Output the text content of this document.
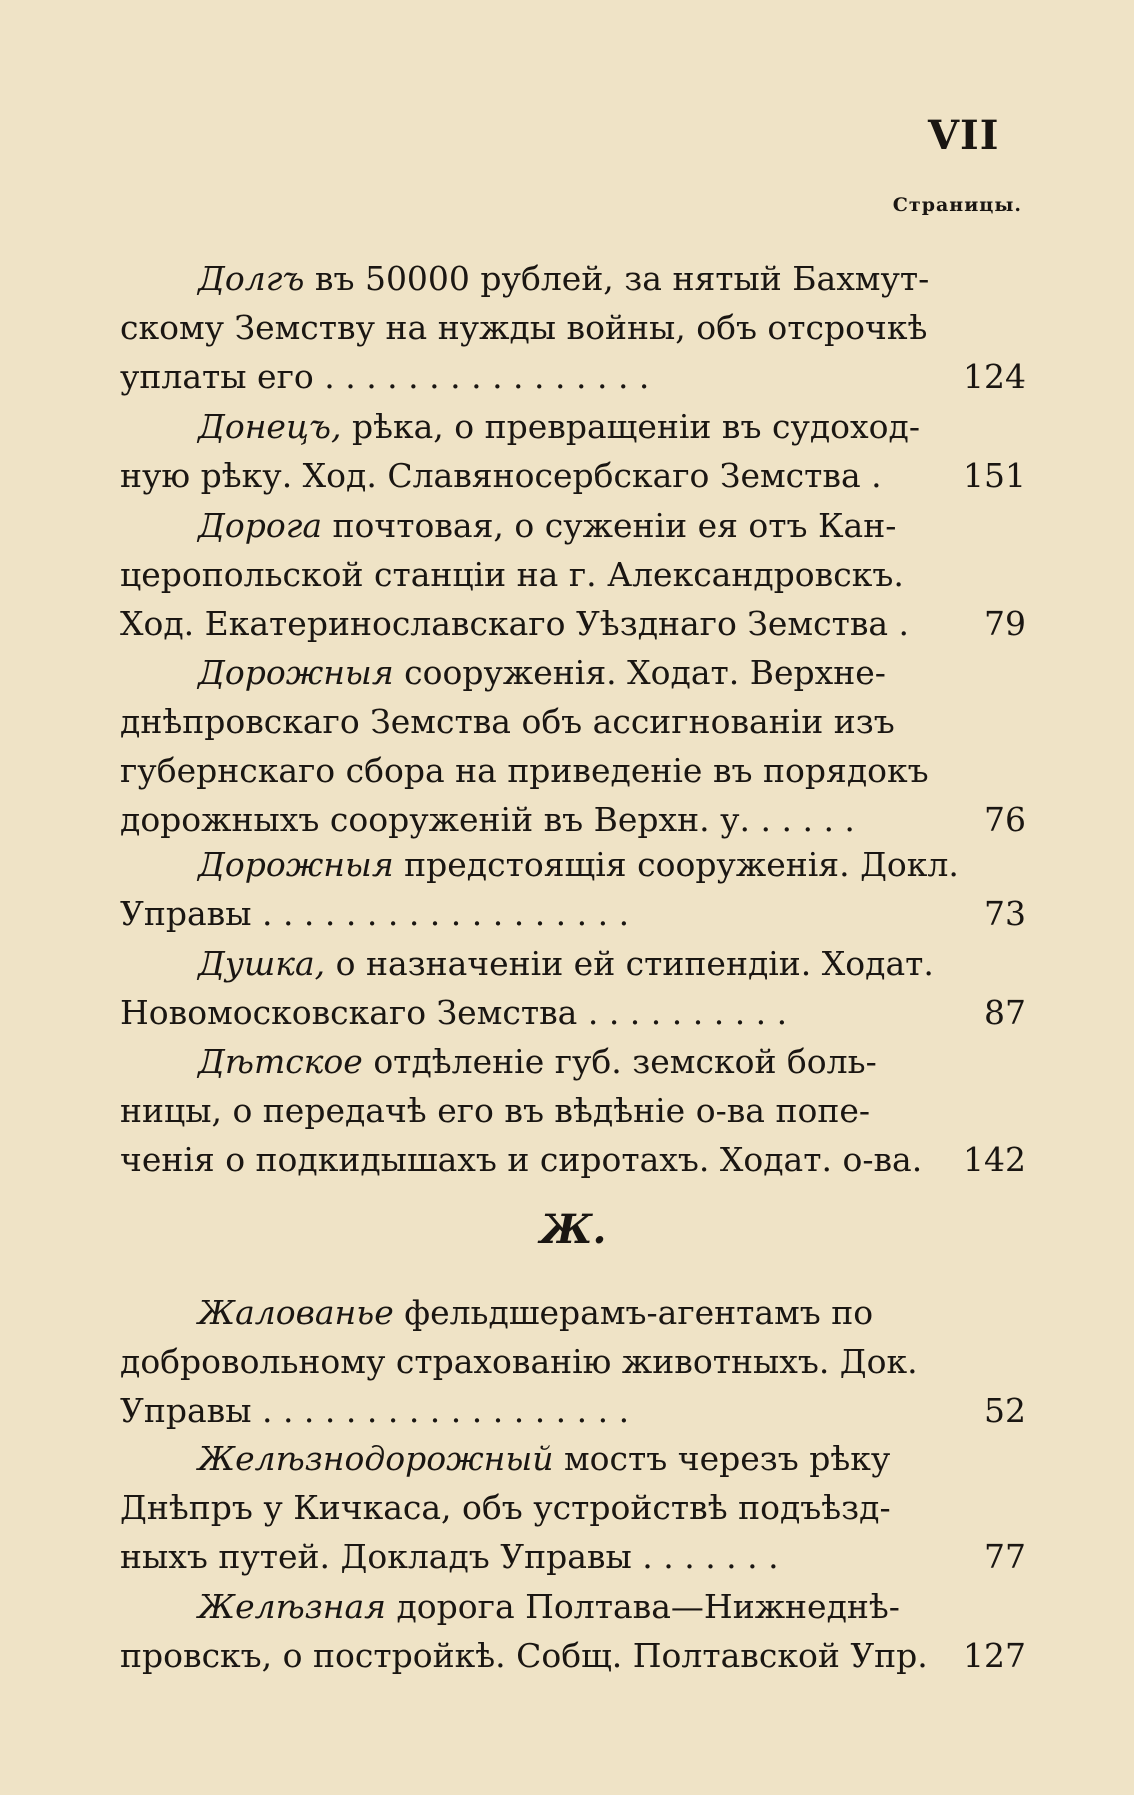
VII
Страницы.
Долгъ въ 50000 рублей, за нятый Бахмут-
скому Земству на нужды войны, объ отсрочкѣ
уплаты его . . . . . . . . . . . . . . . .	124
Донецъ, рѣка, о превращенiи въ судоход-
ную рѣку. Ход. Славяносербскаго Земства . 151
Дорога почтовая, о суженiи ея отъ Кан-
церопольской станцiи на г. Александровскъ.
Ход. Екатеринославскаго Уѣзднаго Земства . 79
Дорожныя сооруженiя. Ходат. Верхне-
днѣпровскаго Земства объ ассигнованiи изъ
губернскаго сбора на приведенiе въ порядокъ
дорожныхъ сооруженiй въ Верхн. у. . . . . .	76
Дорожныя предстоящiя сооруженiя. Докл.
Управы . . . . . . . . . . . . . . . . . .	73
Душка, о назначенiи ей стипендiи. Ходат.
Новомосковскаго Земства . . . . . . . . . .	87
Дѣтское отдѣленiе губ. земской боль-
ницы, о передачѣ его въ вѣдѣнiе о-ва попе-
ченiя о подкидышахъ и сиротахъ. Ходат. о-ва. 142
Ж.
Жалованье фельдшерамъ-агентамъ по
добровольному страхованiю животныхъ. Док.
Управы . . . . . . . . . . . . . . . . . .	52
Желѣзнодорожный мостъ черезъ рѣку
Днѣпръ у Кичкаса, объ устройствѣ подъѣзд-
ныхъ путей. Докладъ Управы . . . . . . .	77
Желѣзная дорога Полтава—Нижнеднѣ-
провскъ, о постройкѣ. Собщ. Полтавской Упр. 127
